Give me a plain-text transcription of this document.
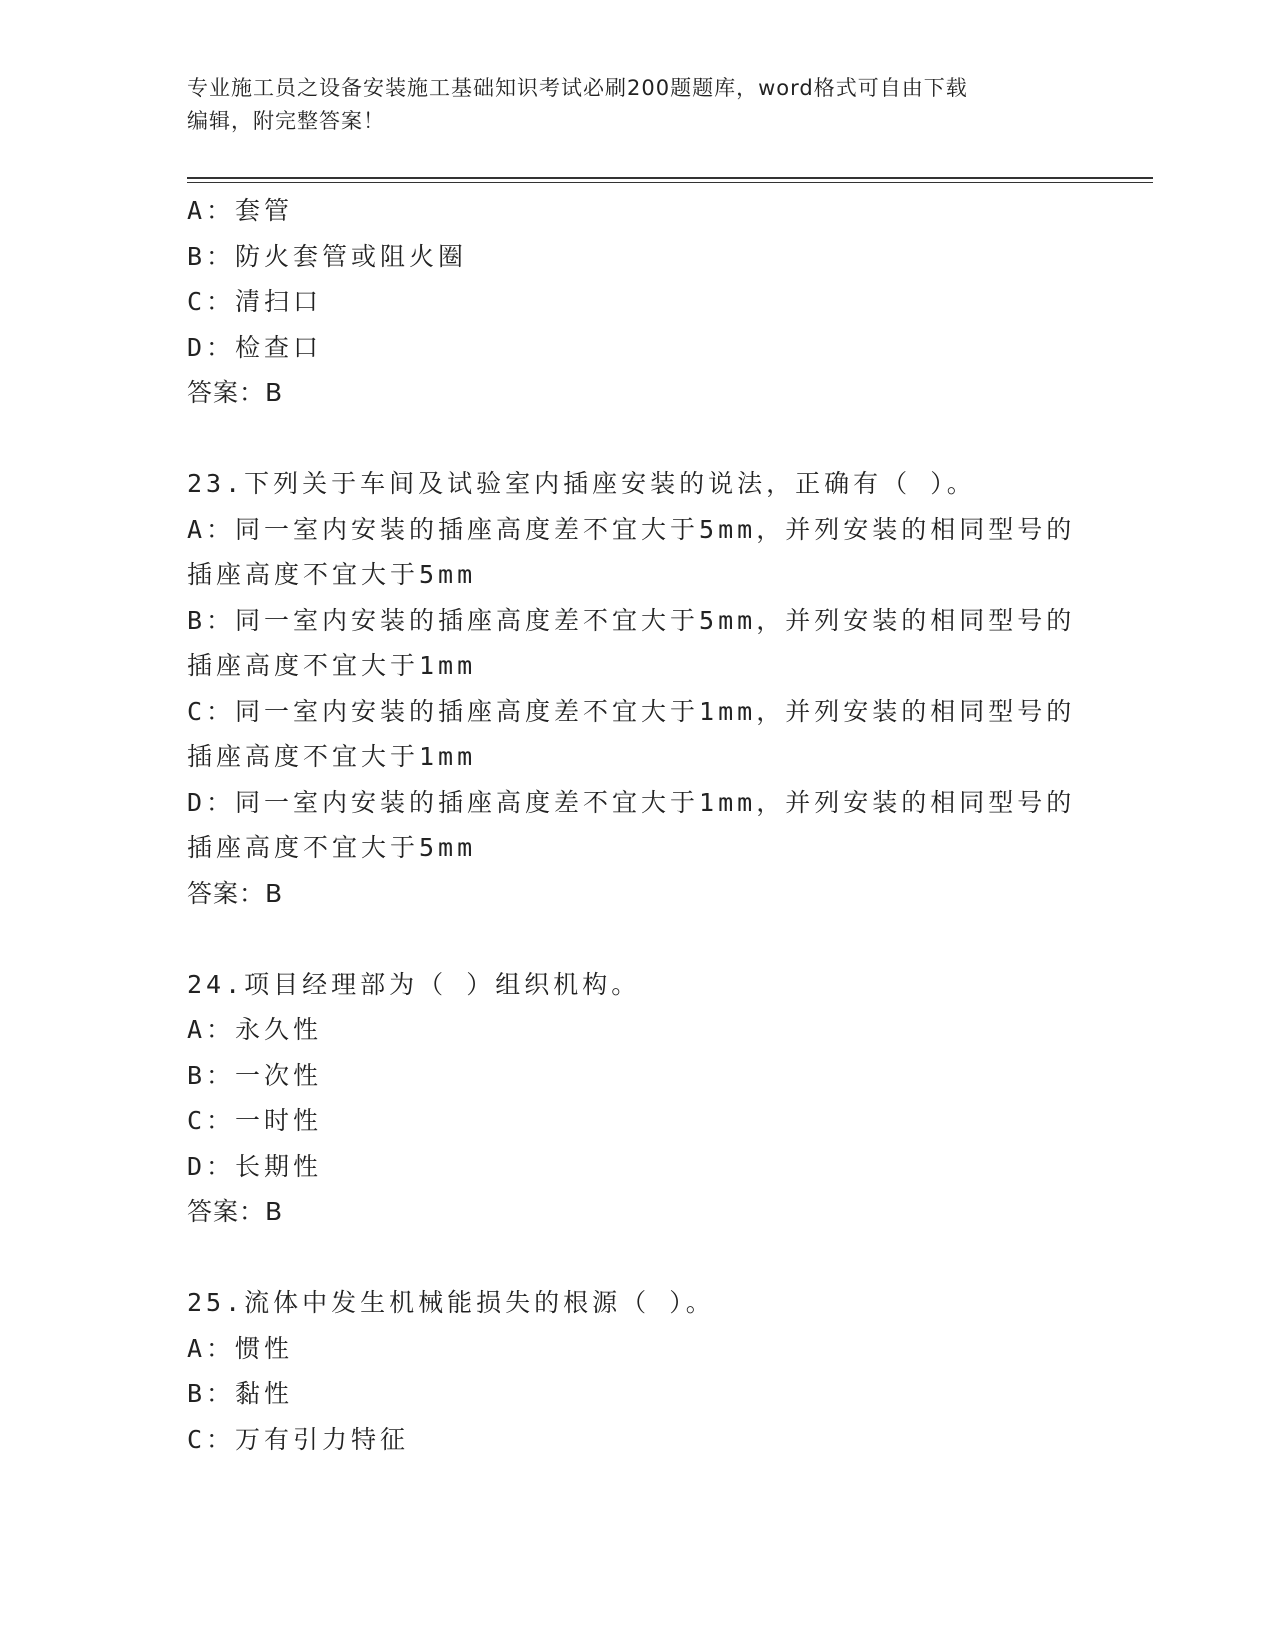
专业施工员之设备安装施工基础知识考试必刷200题题库，word格式可自由下载
编辑，附完整答案！
A：套管
B：防火套管或阻火圈
C：清扫口
D：检查口
答案：B
23.下列关于车间及试验室内插座安装的说法，正确有（ ）。
A：同一室内安装的插座高度差不宜大于5mm，并列安装的相同型号的
插座高度不宜大于5mm
B：同一室内安装的插座高度差不宜大于5mm，并列安装的相同型号的
插座高度不宜大于1mm
C：同一室内安装的插座高度差不宜大于1mm，并列安装的相同型号的
插座高度不宜大于1mm
D：同一室内安装的插座高度差不宜大于1mm，并列安装的相同型号的
插座高度不宜大于5mm
答案：B
24.项目经理部为（ ）组织机构。
A：永久性
B：一次性
C：一时性
D：长期性
答案：B
25.流体中发生机械能损失的根源（ ）。
A：惯性
B：黏性
C：万有引力特征
